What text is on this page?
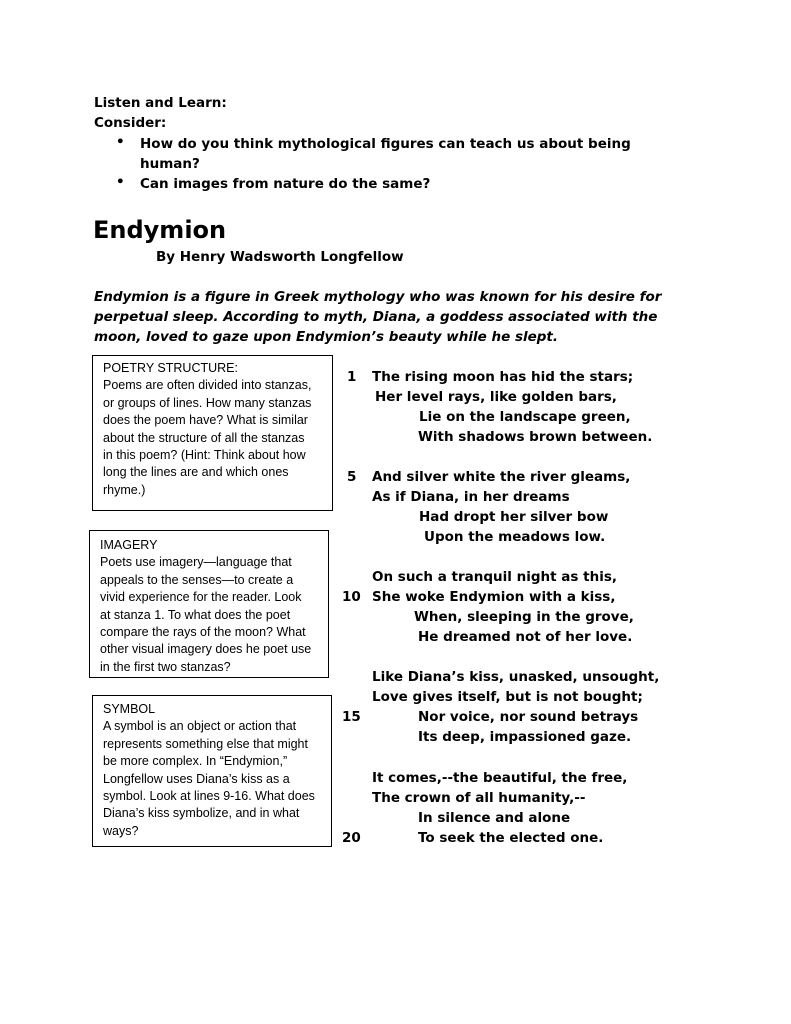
Listen and Learn:
Consider:
• How do you think mythological figures can teach us about being
human?
• Can images from nature do the same?
Endymion
By Henry Wadsworth Longfellow
Endymion is a figure in Greek mythology who was known for his desire for
perpetual sleep. According to myth, Diana, a goddess associated with the
moon, loved to gaze upon Endymion’s beauty while he slept.
POETRY STRUCTURE:
Poems are often divided into stanzas,
or groups of lines. How many stanzas
does the poem have? What is similar
about the structure of all the stanzas
in this poem? (Hint: Think about how
long the lines are and which ones
rhyme.)
IMAGERY
Poets use imagery—language that
appeals to the senses—to create a
vivid experience for the reader. Look
at stanza 1. To what does the poet
compare the rays of the moon? What
other visual imagery does he poet use
in the first two stanzas?
SYMBOL
A symbol is an object or action that
represents something else that might
be more complex. In “Endymion,”
Longfellow uses Diana’s kiss as a
symbol. Look at lines 9-16. What does
Diana’s kiss symbolize, and in what
ways?
1
5
10
15
20
The rising moon has hid the stars;
Her level rays, like golden bars,
Lie on the landscape green,
With shadows brown between.
And silver white the river gleams,
As if Diana, in her dreams
Had dropt her silver bow
Upon the meadows low.
On such a tranquil night as this,
She woke Endymion with a kiss,
When, sleeping in the grove,
He dreamed not of her love.
Like Diana’s kiss, unasked, unsought,
Love gives itself, but is not bought;
Nor voice, nor sound betrays
Its deep, impassioned gaze.
It comes,--the beautiful, the free,
The crown of all humanity,--
In silence and alone
To seek the elected one.
